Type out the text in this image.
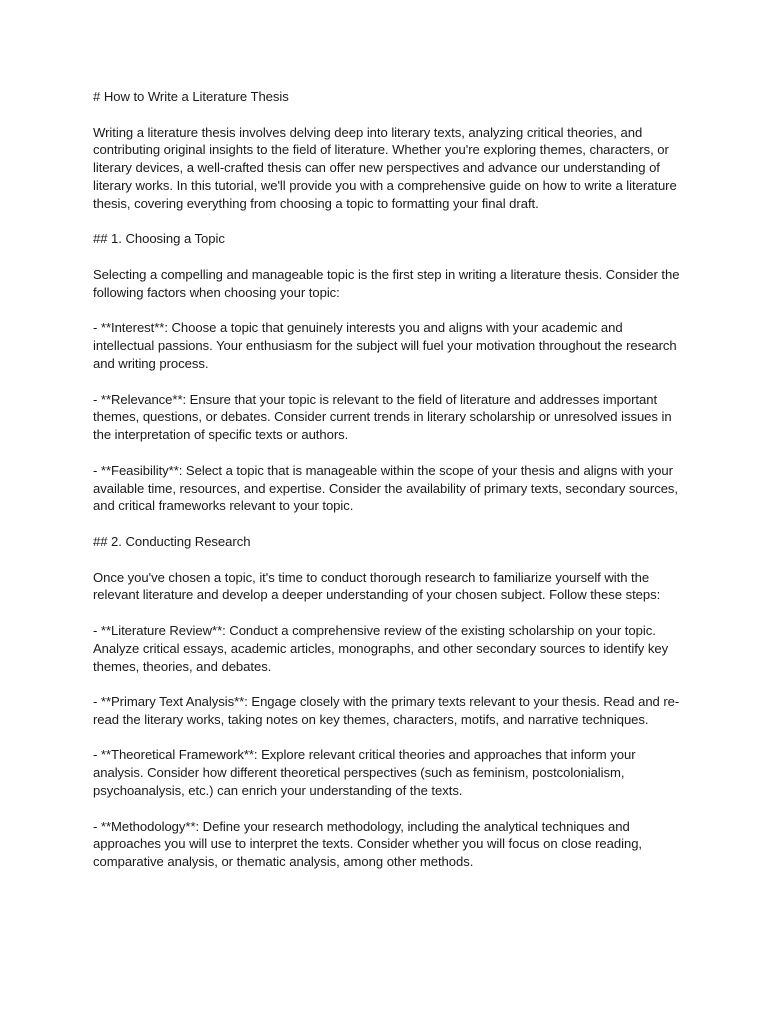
# How to Write a Literature Thesis

Writing a literature thesis involves delving deep into literary texts, analyzing critical theories, and contributing original insights to the field of literature. Whether you're exploring themes, characters, or literary devices, a well-crafted thesis can offer new perspectives and advance our understanding of literary works. In this tutorial, we'll provide you with a comprehensive guide on how to write a literature thesis, covering everything from choosing a topic to formatting your final draft.

## 1. Choosing a Topic

Selecting a compelling and manageable topic is the first step in writing a literature thesis. Consider the following factors when choosing your topic:

- **Interest**: Choose a topic that genuinely interests you and aligns with your academic and intellectual passions. Your enthusiasm for the subject will fuel your motivation throughout the research and writing process.

- **Relevance**: Ensure that your topic is relevant to the field of literature and addresses important themes, questions, or debates. Consider current trends in literary scholarship or unresolved issues in the interpretation of specific texts or authors.

- **Feasibility**: Select a topic that is manageable within the scope of your thesis and aligns with your available time, resources, and expertise. Consider the availability of primary texts, secondary sources, and critical frameworks relevant to your topic.

## 2. Conducting Research

Once you've chosen a topic, it's time to conduct thorough research to familiarize yourself with the relevant literature and develop a deeper understanding of your chosen subject. Follow these steps:

- **Literature Review**: Conduct a comprehensive review of the existing scholarship on your topic. Analyze critical essays, academic articles, monographs, and other secondary sources to identify key themes, theories, and debates.

- **Primary Text Analysis**: Engage closely with the primary texts relevant to your thesis. Read and re-read the literary works, taking notes on key themes, characters, motifs, and narrative techniques.

- **Theoretical Framework**: Explore relevant critical theories and approaches that inform your analysis. Consider how different theoretical perspectives (such as feminism, postcolonialism, psychoanalysis, etc.) can enrich your understanding of the texts.

- **Methodology**: Define your research methodology, including the analytical techniques and approaches you will use to interpret the texts. Consider whether you will focus on close reading, comparative analysis, or thematic analysis, among other methods.
